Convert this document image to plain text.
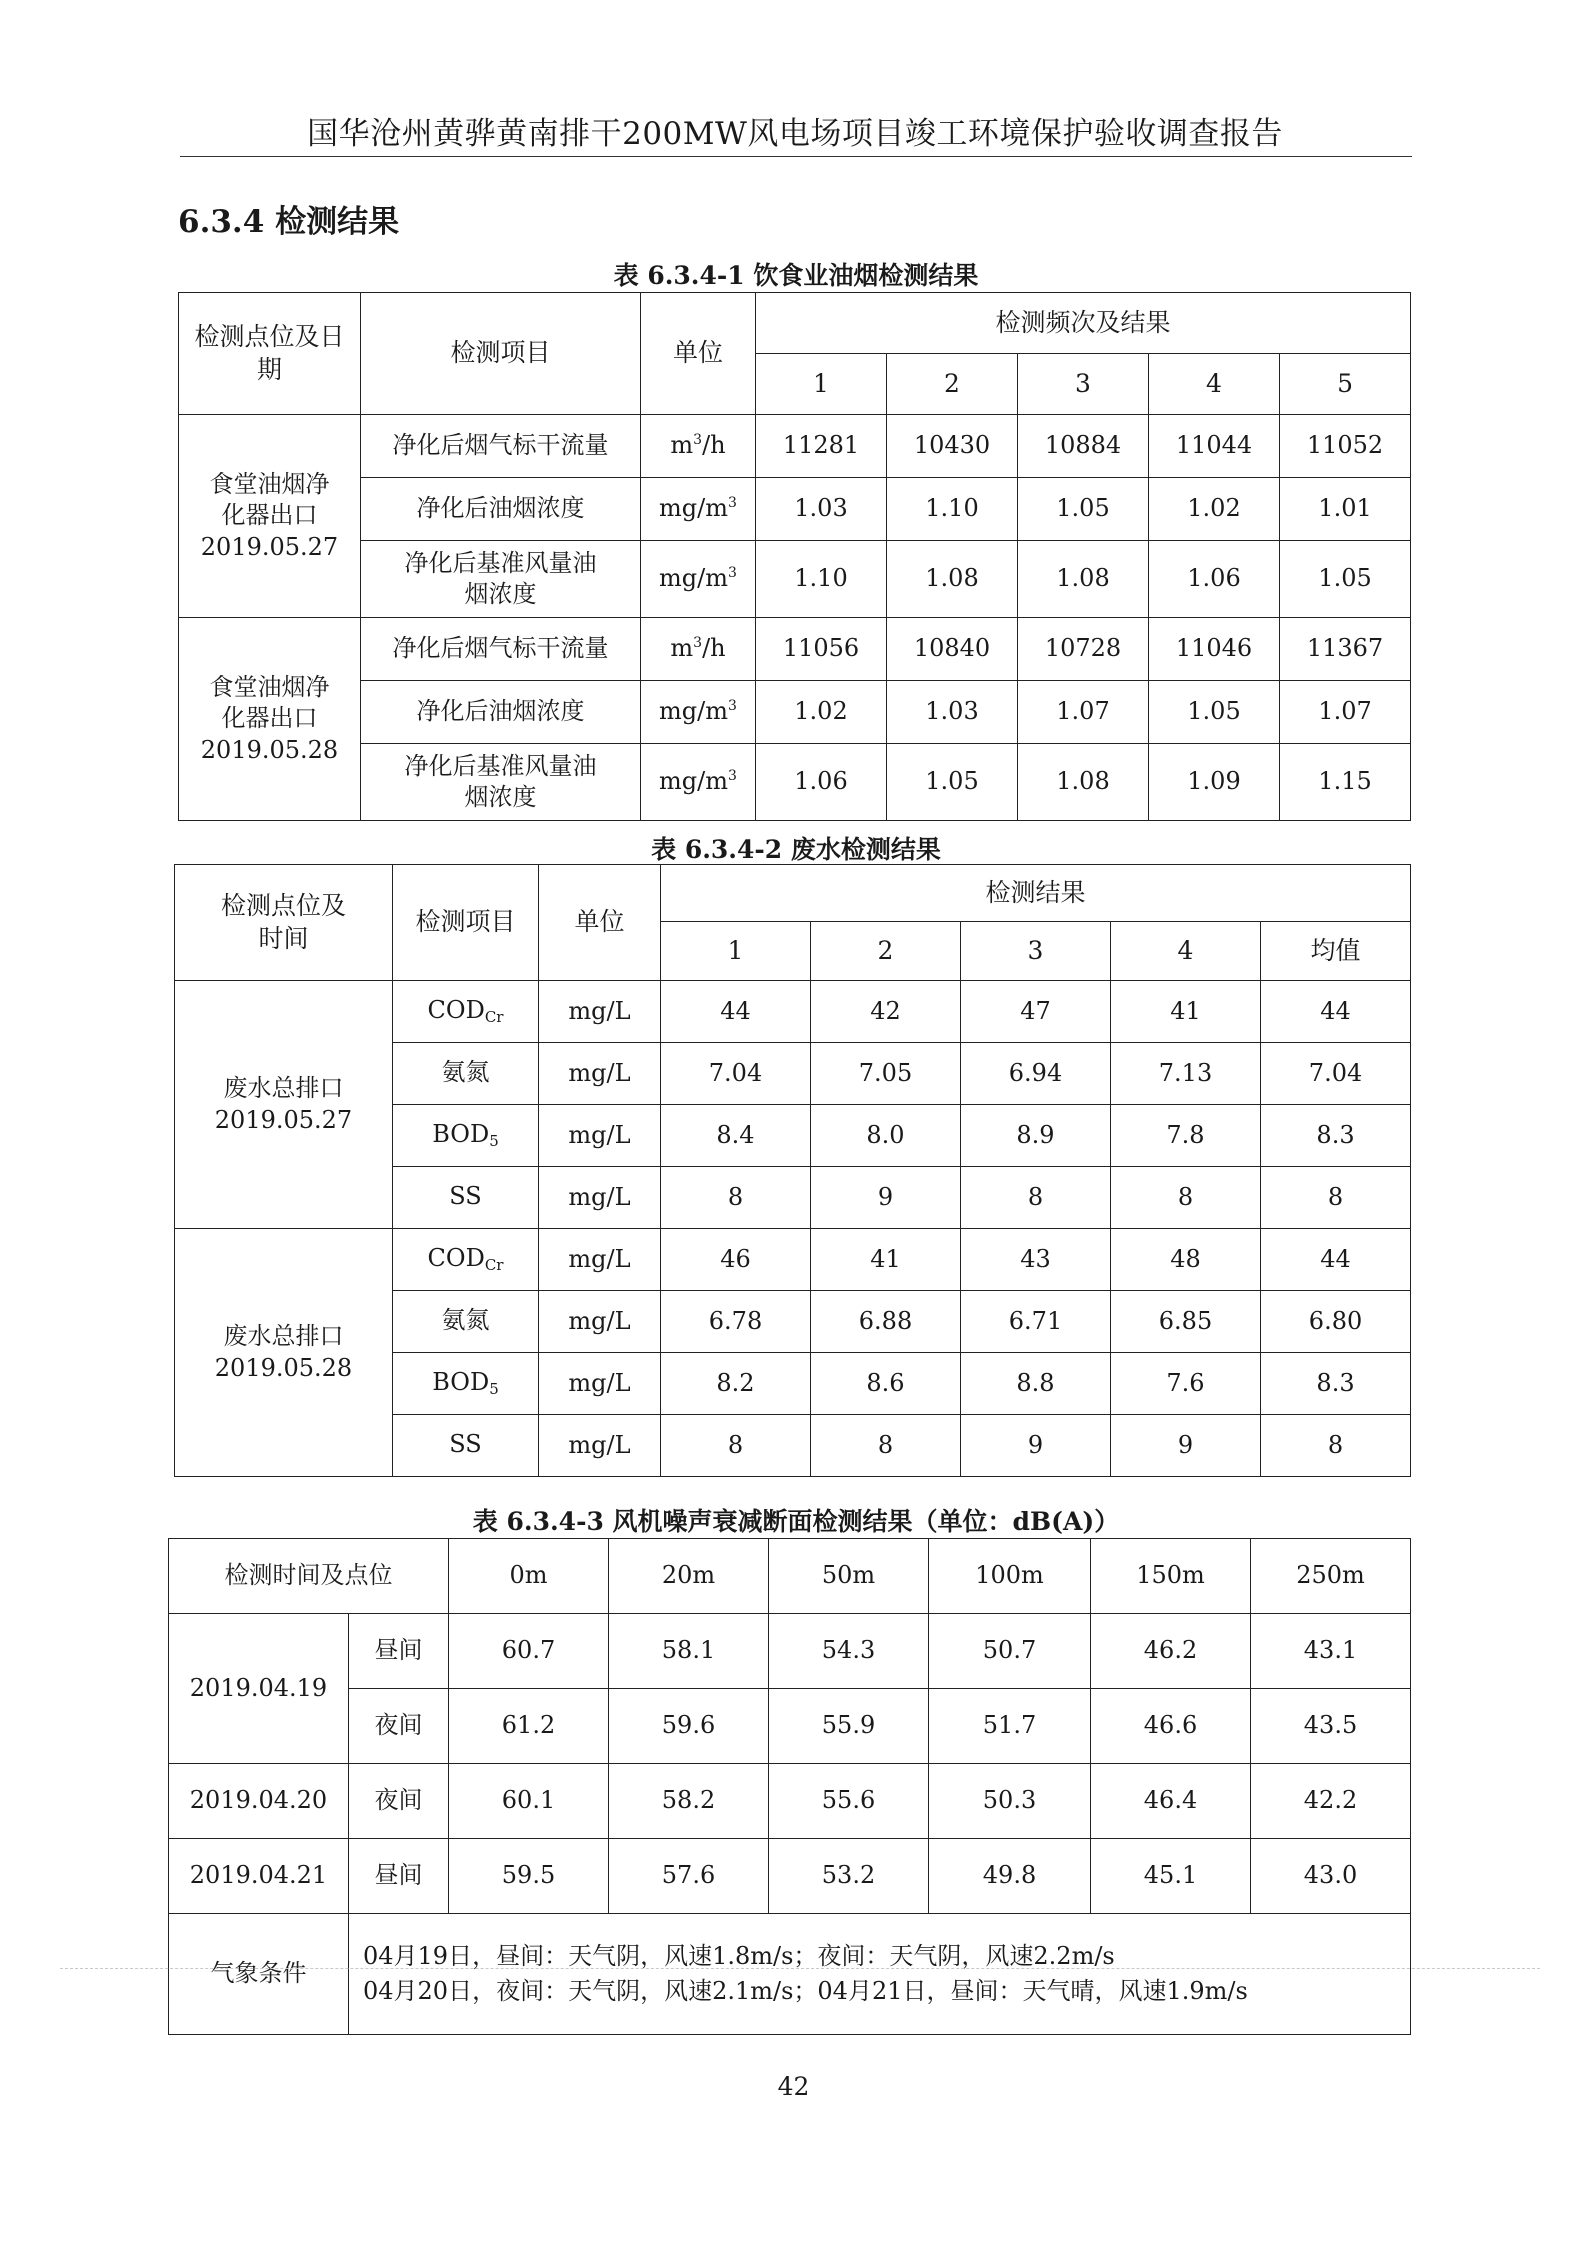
国华沧州黄骅黄南排干200MW风电场项目竣工环境保护验收调查报告
6.3.4 检测结果
表 6.3.4-1 饮食业油烟检测结果
检测点位及日期	检测项目	单位	检测频次及结果				
			1	2	3	4	5

食堂油烟净化器出口
2019.05.27	净化后烟气标干流量	$m^3/h$	11281	10430	10884	11044	11052
	净化后油烟浓度	$mg/m^3$	1.03	1.10	1.05	1.02	1.01

	净化后基准风量油烟浓度	$mg/m^3$	1.10	1.08	1.08	1.06	1.05

食堂油烟净化器出口
2019.05.28	净化后烟气标干流量	$m^3/h$	11056	10840	10728	11046	11367
	净化后油烟浓度	$mg/m^3$	1.02	1.03	1.07	1.05	1.07

	净化后基准风量油烟浓度	$mg/m^3$	1.06	1.05	1.08	1.09	1.15
表 6.3.4-2 废水检测结果
检测点位及时间	检测项目	单位	检测结果				
			1	2	3	4	均值

废水总排口
2019.05.27	$COD_{Cr}$	mg/L	44	42	47	41	44
	氨氮	mg/L	7.04	7.05	6.94	7.13	7.04
	$BOD_5$	mg/L	8.4	8.0	8.9	7.8	8.3
	SS	mg/L	8	9	8	8	8

废水总排口
2019.05.28	$COD_{Cr}$	mg/L	46	41	43	48	44
	氨氮	mg/L	6.78	6.88	6.71	6.85	6.80
	$BOD_5$	mg/L	8.2	8.6	8.8	7.6	8.3
	SS	mg/L	8	8	9	9	8
表 6.3.4-3 风机噪声衰减断面检测结果（单位：dB(A)）
检测时间及点位		0m	20m	50m	100m	150m	250m
2019.04.19	昼间	60.7	58.1	54.3	50.7	46.2	43.1
	夜间	61.2	59.6	55.9	51.7	46.6	43.5
2019.04.20	夜间	60.1	58.2	55.6	50.3	46.4	42.2
2019.04.21	昼间	59.5	57.6	53.2	49.8	45.1	43.0
气象条件	04月19日，昼间：天气阴，风速1.8m/s；夜间：天气阴，风速2.2m/s
04月20日，夜间：天气阴，风速2.1m/s；04月21日，昼间：天气晴，风速1.9m/s						
42
